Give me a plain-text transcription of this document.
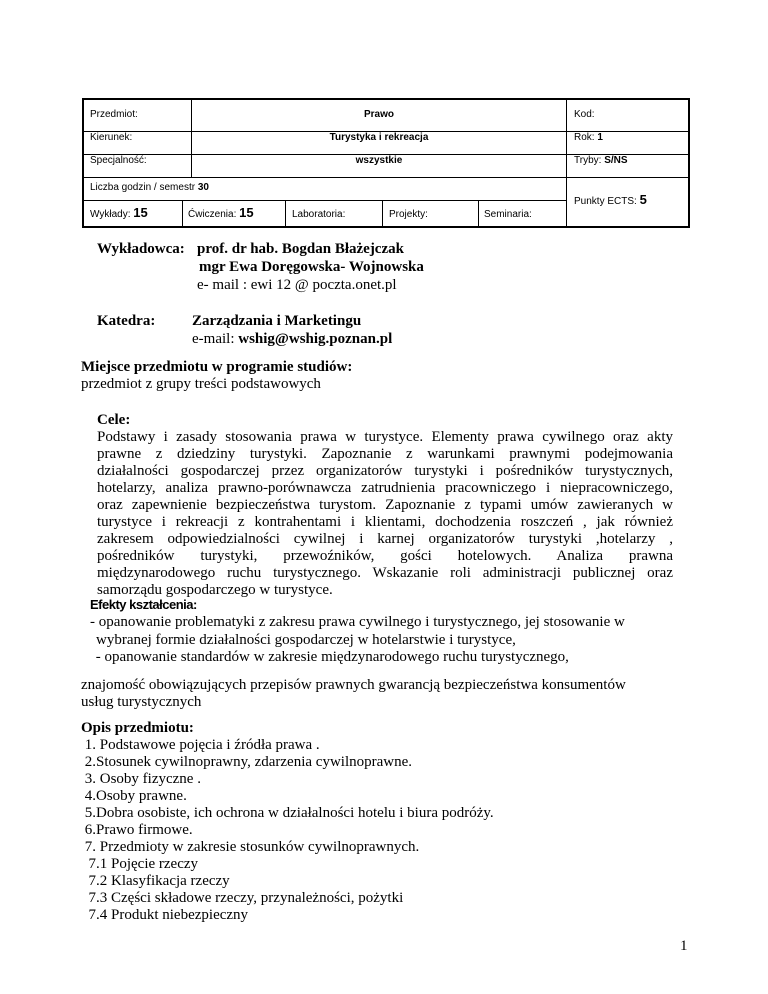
Przedmiot:	Prawo	Kod:
Kierunek:	Turystyka i rekreacja	Rok: 1
Specjalność:	wszystkie	Tryby: S/NS
Liczba godzin / semestr 30
Punkty ECTS: 5
Wykłady: 15	Ćwiczenia: 15	Laboratoria:	Projekty:	Seminaria:
Wykładowca: prof. dr hab. Bogdan Błażejczak
mgr Ewa Doręgowska- Wojnowska
e- mail : ewi 12 @ poczta.onet.pl
Katedra: Zarządzania i Marketingu
e-mail: wshig@wshig.poznan.pl
Miejsce przedmiotu w programie studiów:
przedmiot z grupy treści podstawowych
Cele:
Podstawy i zasady stosowania prawa w turystyce. Elementy prawa cywilnego oraz akty
prawne z dziedziny turystyki. Zapoznanie z warunkami prawnymi podejmowania
działalności gospodarczej przez organizatorów turystyki i pośredników turystycznych,
hotelarzy, analiza prawno-porównawcza zatrudnienia pracowniczego i niepracowniczego,
oraz zapewnienie bezpieczeństwa turystom. Zapoznanie z typami umów zawieranych w
turystyce i rekreacji z kontrahentami i klientami, dochodzenia roszczeń , jak również
zakresem odpowiedzialności cywilnej i karnej organizatorów turystyki ,hotelarzy ,
pośredników turystyki, przewoźników, gości hotelowych. Analiza prawna
międzynarodowego ruchu turystycznego. Wskazanie roli administracji publicznej oraz
samorządu gospodarczego w turystyce.
Efekty kształcenia:
- opanowanie problematyki z zakresu prawa cywilnego i turystycznego, jej stosowanie w
wybranej formie działalności gospodarczej w hotelarstwie i turystyce,
- opanowanie standardów w zakresie międzynarodowego ruchu turystycznego,
znajomość obowiązujących przepisów prawnych gwarancją bezpieczeństwa konsumentów
usług turystycznych
Opis przedmiotu:
1. Podstawowe pojęcia i źródła prawa .
2.Stosunek cywilnoprawny, zdarzenia cywilnoprawne.
3. Osoby fizyczne .
4.Osoby prawne.
5.Dobra osobiste, ich ochrona w działalności hotelu i biura podróży.
6.Prawo firmowe.
7. Przedmioty w zakresie stosunków cywilnoprawnych.
7.1 Pojęcie rzeczy
7.2 Klasyfikacja rzeczy
7.3 Części składowe rzeczy, przynależności, pożytki
7.4 Produkt niebezpieczny
1
